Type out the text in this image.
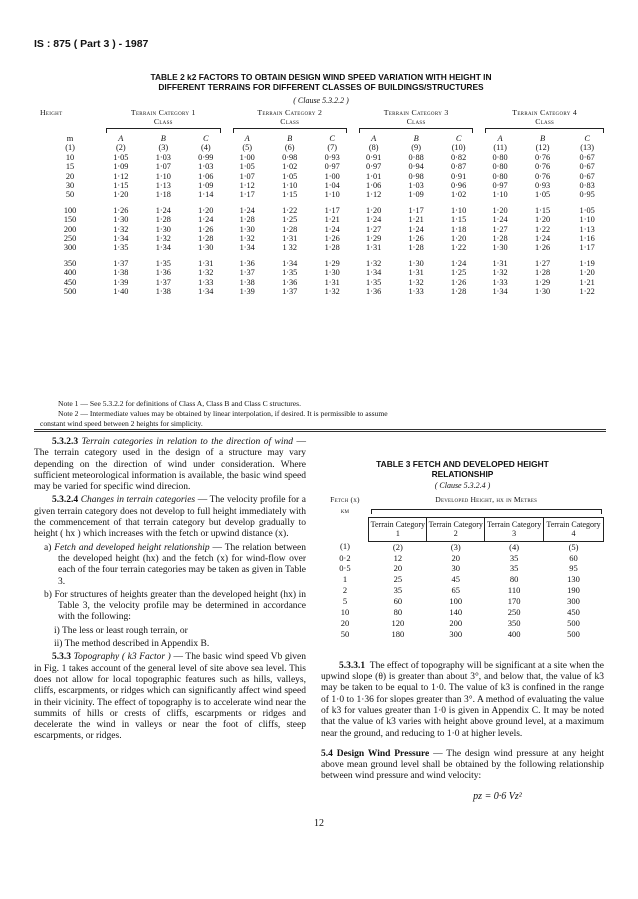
IS : 875 ( Part 3 ) - 1987
TABLE 2 k2 FACTORS TO OBTAIN DESIGN WIND SPEED VARIATION WITH HEIGHT IN
DIFFERENT TERRAINS FOR DIFFERENT CLASSES OF BUILDINGS/STRUCTURES
( Clause 5.3.2.2 )
Height	Terrain Category 1
Class			Terrain Category 2
Class			Terrain Category 3
Class			Terrain Category 4
Class		

m	A	B	C	A	B	C	A	B	C	A	B	C
(1)	(2)	(3)	(4)	(5)	(6)	(7)	(8)	(9)	(10)	(11)	(12)	(13)
10	1·05	1·03	0·99	1·00	0·98	0·93	0·91	0·88	0·82	0·80	0·76	0·67
15	1·09	1·07	1·03	1·05	1·02	0·97	0·97	0·94	0·87	0·80	0·76	0·67
20	1·12	1·10	1·06	1·07	1·05	1·00	1·01	0·98	0·91	0·80	0·76	0·67
30	1·15	1·13	1·09	1·12	1·10	1·04	1·06	1·03	0·96	0·97	0·93	0·83
50	1·20	1·18	1·14	1·17	1·15	1·10	1·12	1·09	1·02	1·10	1·05	0·95

100	1·26	1·24	1·20	1·24	1·22	1·17	1·20	1·17	1·10	1·20	1·15	1·05
150	1·30	1·28	1·24	1·28	1·25	1·21	1·24	1·21	1·15	1·24	1·20	1·10
200	1·32	1·30	1·26	1·30	1·28	1·24	1·27	1·24	1·18	1·27	1·22	1·13
250	1·34	1·32	1·28	1·32	1·31	1·26	1·29	1·26	1·20	1·28	1·24	1·16
300	1·35	1·34	1·30	1·34	1 32	1·28	1·31	1·28	1·22	1·30	1·26	1·17

350	1·37	1·35	1·31	1·36	1·34	1·29	1·32	1·30	1·24	1·31	1·27	1·19
400	1·38	1·36	1·32	1·37	1·35	1·30	1·34	1·31	1·25	1·32	1·28	1·20
450	1·39	1·37	1·33	1·38	1·36	1·31	1·35	1·32	1·26	1·33	1·29	1·21
500	1·40	1·38	1·34	1·39	1·37	1·32	1·36	1·33	1·28	1·34	1·30	1·22

Note 1 — See 5.3.2.2 for definitions of Class A, Class B and Class C structures.

Note 2 — Intermediate values may be obtained by linear interpolation, if desired. It is permissible to assume

constant wind speed between 2 heights for simplicity.

5.3.2.3 Terrain categories in relation to the direction of wind — The terrain category used in the design of a structure may vary depending on the direction of wind under consideration. Where sufficient meteorological information is available, the basic wind speed may be varied for specific wind direcion.

5.3.2.4 Changes in terrain categories — The velocity profile for a given terrain category does not develop to full height immediately with the commencement of that terrain category but develop gradually to height ( hx ) which increases with the fetch or upwind distance (x).

a) Fetch and developed height relationship — The relation between the developed height (hx) and the fetch (x) for wind-flow over each of the four terrain categories may be taken as given in Table 3.

b) For structures of heights greater than the developed height (hx) in Table 3, the velocity profile may be determined in accordance with the following:

i) The less or least rough terrain, or

ii) The method described in Appendix B.

5.3.3 Topography ( k3 Factor ) — The basic wind speed Vb given in Fig. 1 takes account of the general level of site above sea level. This does not allow for local topographic features such as hills, valleys, cliffs, escarpments, or ridges which can significantly affect wind speed in their vicinity. The effect of topography is to accelerate wind near the summits of hills or crests of cliffs, escarpments or ridges and decelerate the wind in valleys or near the foot of cliffs, steep escarpments, or ridges.

TABLE 3 FETCH AND DEVELOPED HEIGHT
RELATIONSHIP
( Clause 5.3.2.4 )
Fetch (x)	Developed Height, hx in Metres			
km				

	Terrain Category 1	Terrain Category 2	Terrain Category 3	Terrain Category 4
(1)	(2)	(3)	(4)	(5)
0·2	12	20	35	60
0·5	20	30	35	95
1	25	45	80	130
2	35	65	110	190
5	60	100	170	300
10	80	140	250	450
20	120	200	350	500
50	180	300	400	500

5.3.3.1 The effect of topography will be significant at a site when the upwind slope (θ) is greater than about 3°, and below that, the value of k3 may be taken to be equal to 1·0. The value of k3 is confined in the range of 1·0 to 1·36 for slopes greater than 3°. A method of evaluating the value of k3 for values greater than 1·0 is given in Appendix C. It may be noted that the value of k3 varies with height above ground level, at a maximum near the ground, and reducing to 1·0 at higher levels.

5.4 Design Wind Pressure — The design wind pressure at any height above mean ground level shall be obtained by the following relationship between wind pressure and wind velocity:

pz = 0·6 Vz²
12
